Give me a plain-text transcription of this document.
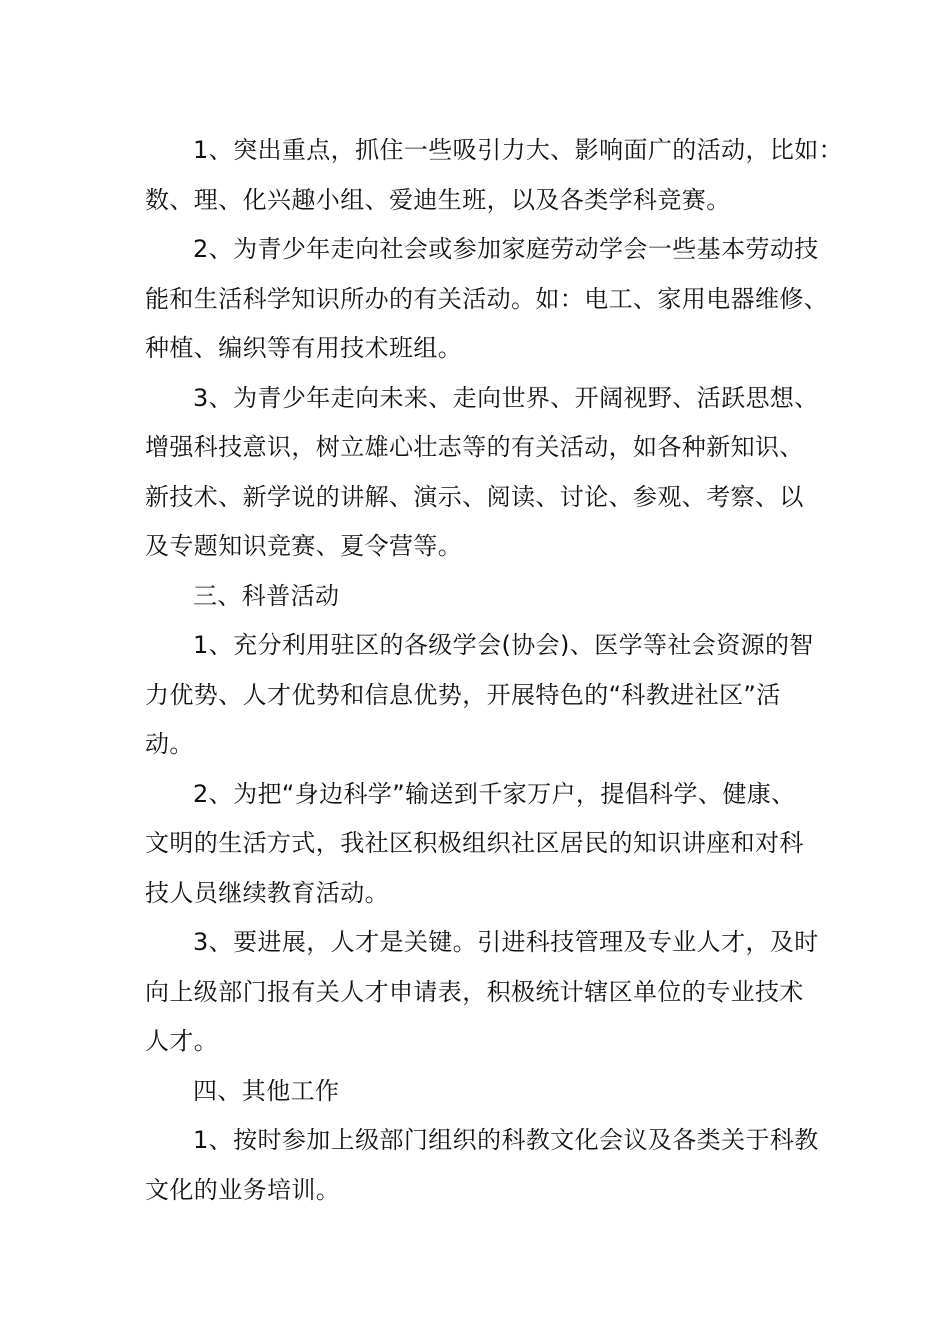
1、突出重点，抓住一些吸引力大、影响面广的活动，比如：
数、理、化兴趣小组、爱迪生班，以及各类学科竞赛。

2、为青少年走向社会或参加家庭劳动学会一些基本劳动技
能和生活科学知识所办的有关活动。如：电工、家用电器维修、
种植、编织等有用技术班组。

3、为青少年走向未来、走向世界、开阔视野、活跃思想、
增强科技意识，树立雄心壮志等的有关活动，如各种新知识、
新技术、新学说的讲解、演示、阅读、讨论、参观、考察、以
及专题知识竞赛、夏令营等。

三、科普活动

1、充分利用驻区的各级学会(协会)、医学等社会资源的智
力优势、人才优势和信息优势，开展特色的“科教进社区”活
动。

2、为把“身边科学”输送到千家万户，提倡科学、健康、
文明的生活方式，我社区积极组织社区居民的知识讲座和对科
技人员继续教育活动。

3、要进展，人才是关键。引进科技管理及专业人才，及时
向上级部门报有关人才申请表，积极统计辖区单位的专业技术
人才。

四、其他工作

1、按时参加上级部门组织的科教文化会议及各类关于科教
文化的业务培训。
